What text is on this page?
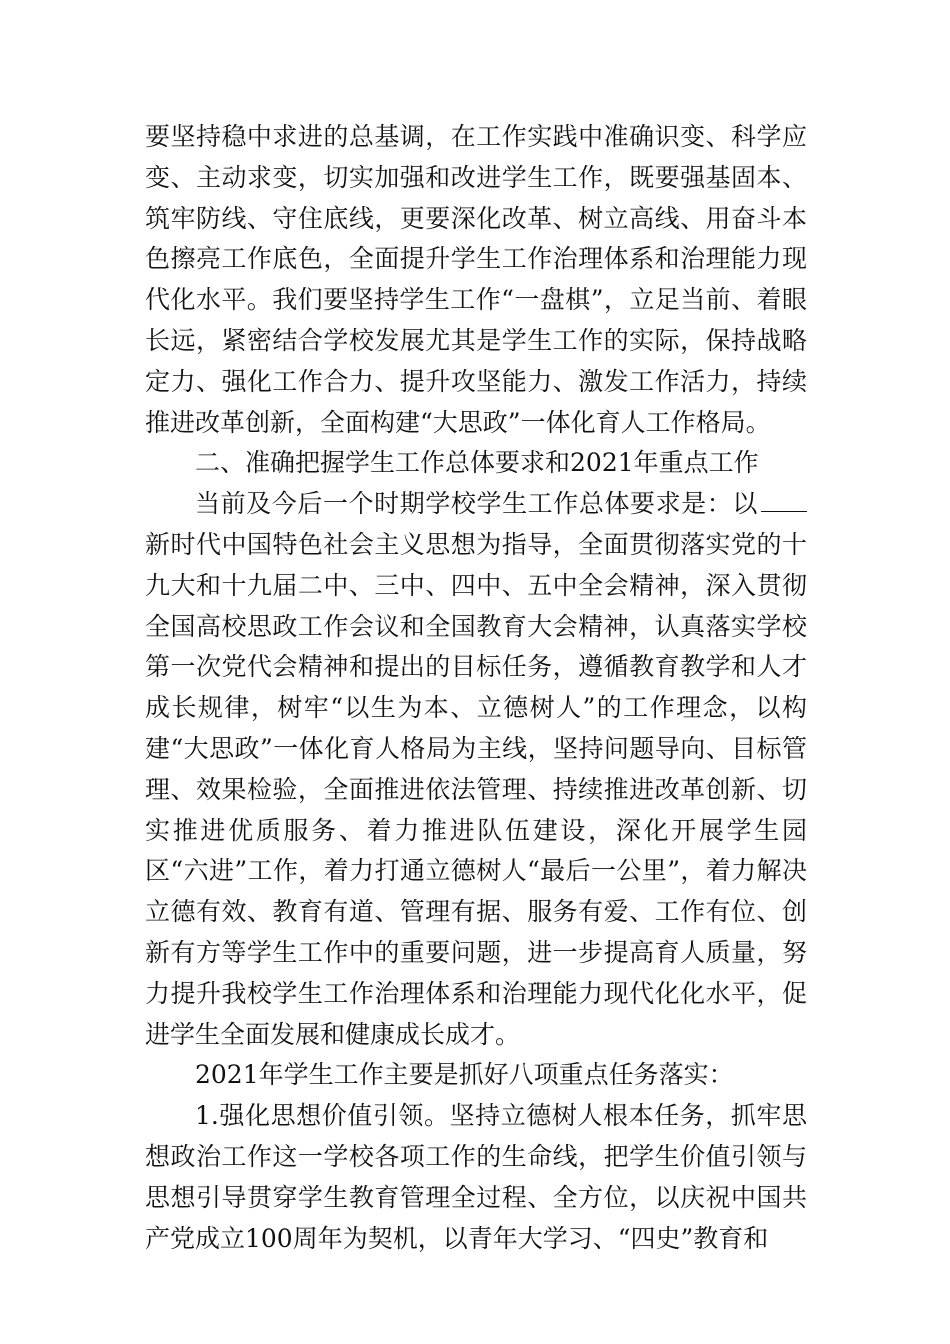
要坚持稳中求进的总基调，在工作实践中准确识变、科学应变、主动求变，切实加强和改进学生工作，既要强基固本、筑牢防线、守住底线，更要深化改革、树立高线、用奋斗本色擦亮工作底色，全面提升学生工作治理体系和治理能力现代化水平。我们要坚持学生工作“一盘棋”，立足当前、着眼长远，紧密结合学校发展尤其是学生工作的实际，保持战略定力、强化工作合力、提升攻坚能力、激发工作活力，持续推进改革创新，全面构建“大思政”一体化育人工作格局。

二、准确把握学生工作总体要求和2021年重点工作

当前及今后一个时期学校学生工作总体要求是：以新时代中国特色社会主义思想为指导，全面贯彻落实党的十九大和十九届二中、三中、四中、五中全会精神，深入贯彻全国高校思政工作会议和全国教育大会精神，认真落实学校第一次党代会精神和提出的目标任务，遵循教育教学和人才成长规律，树牢“以生为本、立德树人”的工作理念，以构建“大思政”一体化育人格局为主线，坚持问题导向、目标管理、效果检验，全面推进依法管理、持续推进改革创新、切实推进优质服务、着力推进队伍建设，深化开展学生园区“六进”工作，着力打通立德树人“最后一公里”，着力解决立德有效、教育有道、管理有据、服务有爱、工作有位、创新有方等学生工作中的重要问题，进一步提高育人质量，努力提升我校学生工作治理体系和治理能力现代化化水平，促进学生全面发展和健康成长成才。

2021年学生工作主要是抓好八项重点任务落实：

1.强化思想价值引领。坚持立德树人根本任务，抓牢思想政治工作这一学校各项工作的生命线，把学生价值引领与思想引导贯穿学生教育管理全过程、全方位，以庆祝中国共产党成立100周年为契机，以青年大学习、“四史”教育和
